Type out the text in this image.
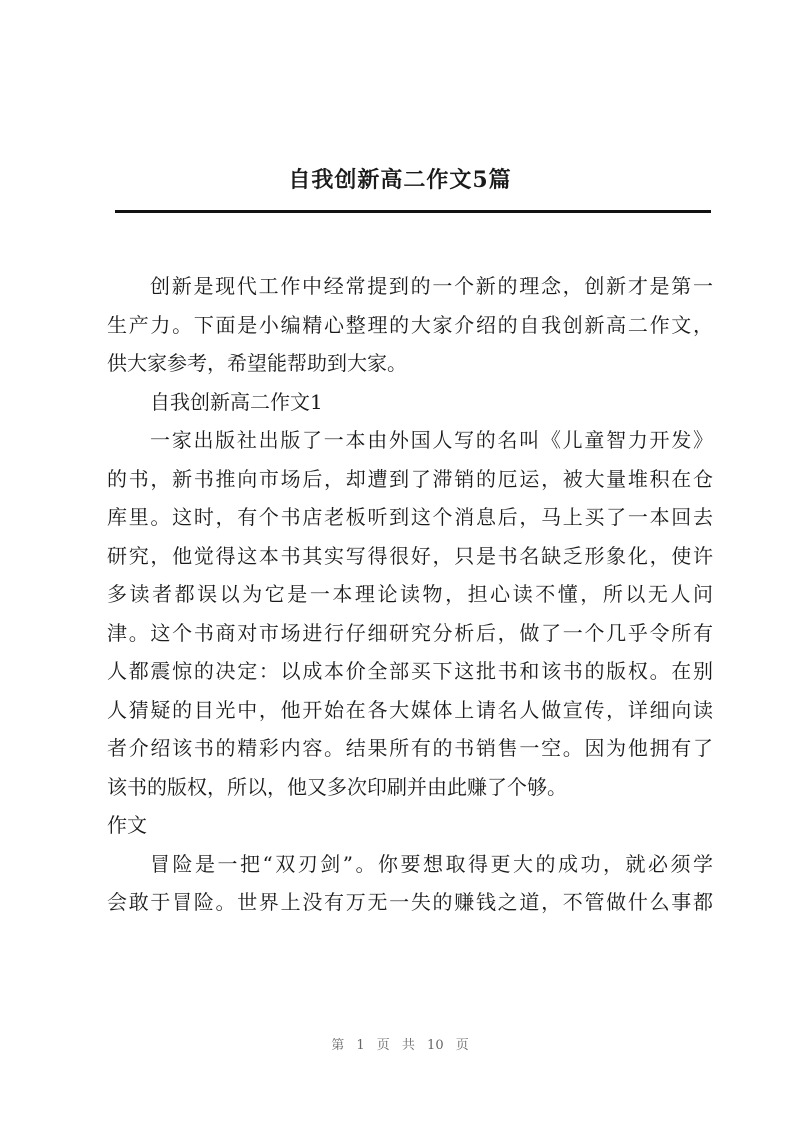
自我创新高二作文5篇
创新是现代工作中经常提到的一个新的理念，创新才是第一
生产力。下面是小编精心整理的大家介绍的自我创新高二作文，
供大家参考，希望能帮助到大家。
自我创新高二作文1
一家出版社出版了一本由外国人写的名叫《儿童智力开发》
的书，新书推向市场后，却遭到了滞销的厄运，被大量堆积在仓
库里。这时，有个书店老板听到这个消息后，马上买了一本回去
研究，他觉得这本书其实写得很好，只是书名缺乏形象化，使许
多读者都误以为它是一本理论读物，担心读不懂，所以无人问
津。这个书商对市场进行仔细研究分析后，做了一个几乎令所有
人都震惊的决定：以成本价全部买下这批书和该书的版权。在别
人猜疑的目光中，他开始在各大媒体上请名人做宣传，详细向读
者介绍该书的精彩内容。结果所有的书销售一空。因为他拥有了
该书的版权，所以，他又多次印刷并由此赚了个够。
作文
冒险是一把“双刃剑”。你要想取得更大的成功，就必须学
会敢于冒险。世界上没有万无一失的赚钱之道，不管做什么事都
第 1 页 共 10 页
